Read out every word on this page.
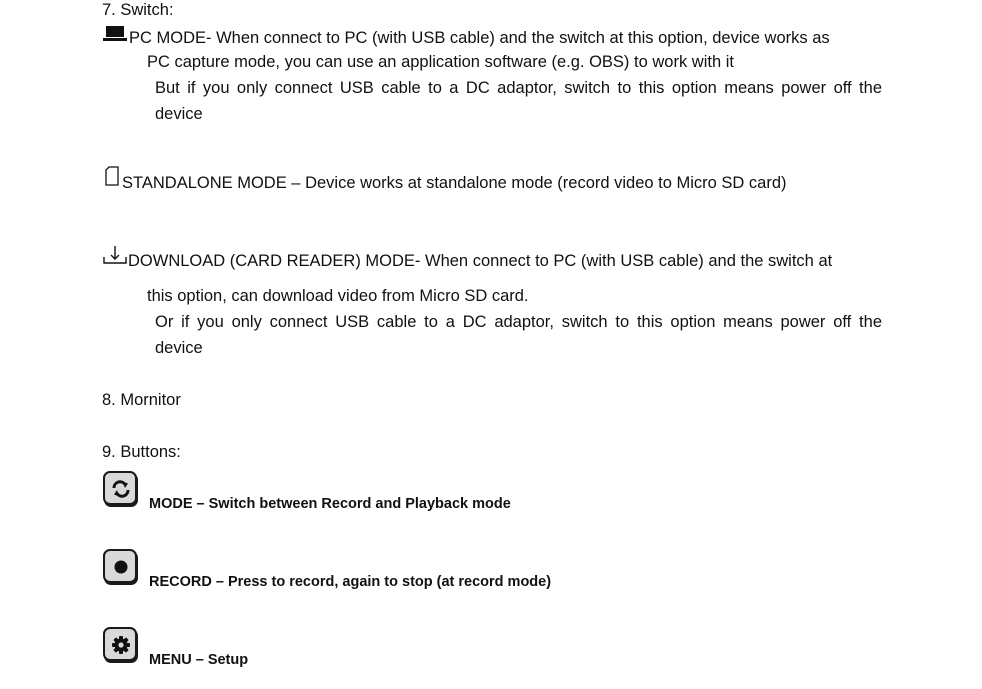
7. Switch:
PC MODE- When connect to PC (with USB cable) and the switch at this option, device works as
PC capture mode, you can use an application software (e.g. OBS) to work with it
But if you only connect USB cable to a DC adaptor, switch to this option means power off the
device
STANDALONE MODE – Device works at standalone mode (record video to Micro SD card)
DOWNLOAD (CARD READER) MODE- When connect to PC (with USB cable) and the switch at
this option, can download video from Micro SD card.
Or if you only connect USB cable to a DC adaptor, switch to this option means power off the
device
8. Mornitor
9. Buttons:
MODE – Switch between Record and Playback mode
RECORD – Press to record, again to stop (at record mode)
MENU – Setup
